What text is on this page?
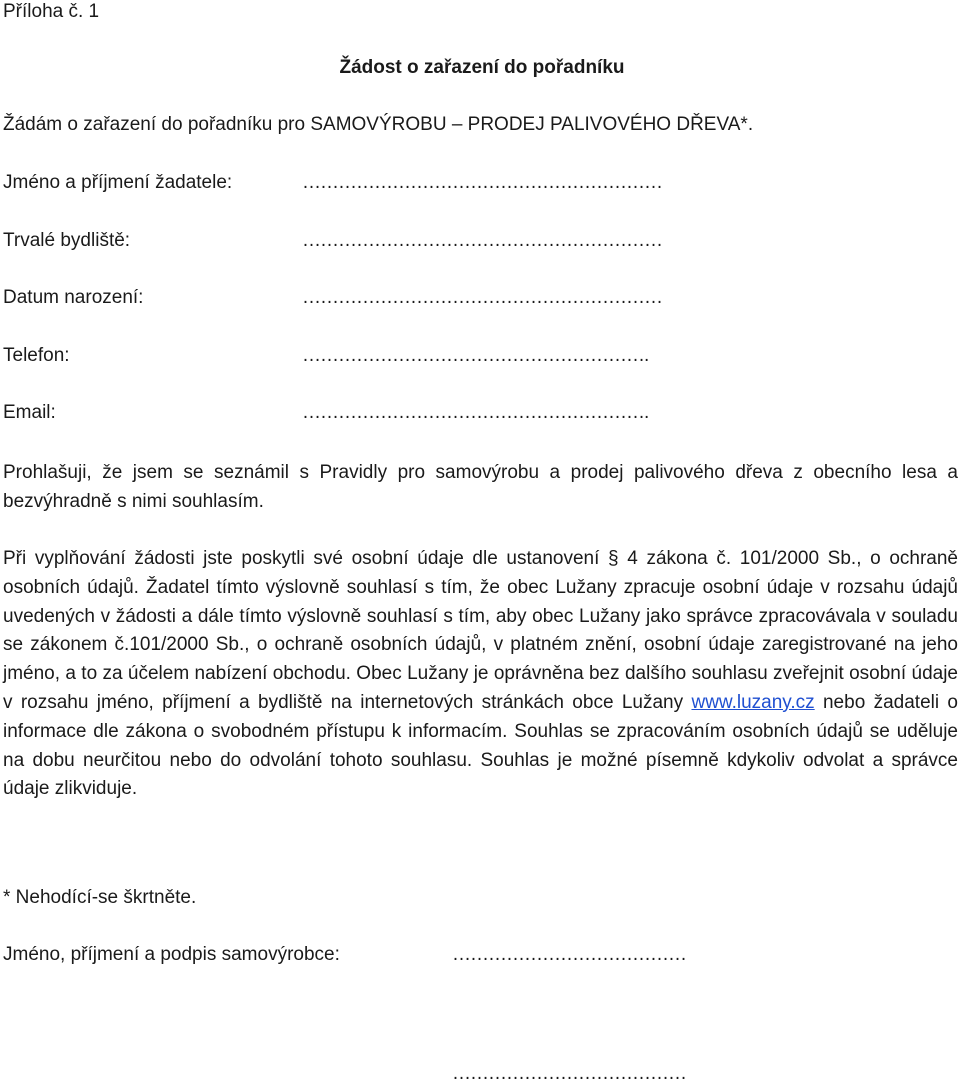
Příloha č. 1
Žádost o zařazení do pořadníku
Žádám o zařazení do pořadníku pro SAMOVÝROBU – PRODEJ PALIVOVÉHO DŘEVA*.
Jméno a příjmení žadatele:	……………………………………………………
Trvalé bydliště:	……………………………………………………
Datum narození:	……………………………………………………
Telefon:	………………………………………………….
Email:	………………………………………………….
Prohlašuji, že jsem se seznámil s Pravidly pro samovýrobu a prodej palivového dřeva z obecního lesa a bezvýhradně s nimi souhlasím.
Při vyplňování žádosti jste poskytli své osobní údaje dle ustanovení § 4 zákona č. 101/2000 Sb., o ochraně osobních údajů. Žadatel tímto výslovně souhlasí s tím, že obec Lužany zpracuje osobní údaje v rozsahu údajů uvedených v žádosti a dále tímto výslovně souhlasí s tím, aby obec Lužany jako správce zpracovávala v souladu se zákonem č.101/2000 Sb., o ochraně osobních údajů, v platném znění, osobní údaje zaregistrované na jeho jméno, a to za účelem nabízení obchodu. Obec Lužany je oprávněna bez dalšího souhlasu zveřejnit osobní údaje v rozsahu jméno, příjmení a bydliště na internetových stránkách obce Lužany www.luzany.cz nebo žadateli o informace dle zákona o svobodném přístupu k informacím. Souhlas se zpracováním osobních údajů se uděluje na dobu neurčitou nebo do odvolání tohoto souhlasu. Souhlas je možné písemně kdykoliv odvolat a správce údaje zlikviduje.
* Nehodící-se škrtněte.
Jméno, příjmení a podpis samovýrobce:	…………………………………
…………………………………
